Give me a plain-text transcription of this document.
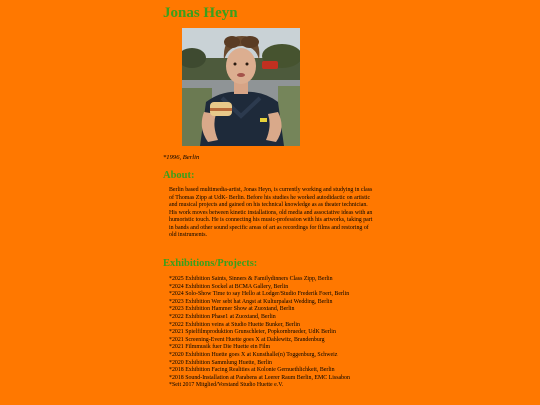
Jonas Heyn
*1996, Berlin
About:
Berlin based multimedia-artist, Jonas Heyn, is currently working and studying in class of Thomas Zipp at UdK- Berlin. Before his studies he worked autodidactic on artistic and musical projects and gained on his technical knowledge as as theater technician. His work moves between kinetic installations, old media and associative ideas with an humoristic touch. He is connecting his music-profession with his artworks, taking part in bands and other sound specific areas of art as recordings for films and restoring of old instruments.
Exhibitions/Projects:
*2025 Exhibition Saints, Sinners & Familydinners Class Zipp, Berlin
*2024 Exhibition Sockel at BCMA Gallery, Berlin
*2024 Solo-Show Time to say Hello at Lodger/Studio Frederik Foert, Berlin
*2023 Exhibition Wer sebt hat Angst at Kulturpalast Wedding, Berlin
*2023 Exhibition Hammer Show at Zuoxtand, Berlin
*2022 Exhibition Phase1 at Zuoxtand, Berlin
*2022 Exhibition veins at Studio Huette Bunker, Berlin
*2021 Spielfilmproduktion Grunschleier, Popkornbrueder, UdK Berlin
*2021 Screening-Event Huette goes X at Dahlewitz, Brandenburg
*2021 Filmmusik fuer Die Huette ein Film
*2020 Exhibition Huette goes X at Kunsthalle(n) Toggenburg, Schweiz
*2020 Exhibition Sammlung Huette, Berlin
*2018 Exhibition Facing Realities at Kolonie Gernuethlichkeit, Berlin
*2018 Sound-Installation at Parabens at Leerer Raum Berlin, EMC Lissabon
*Seit 2017 Mitglied/Vorstand Studio Huette e.V.
